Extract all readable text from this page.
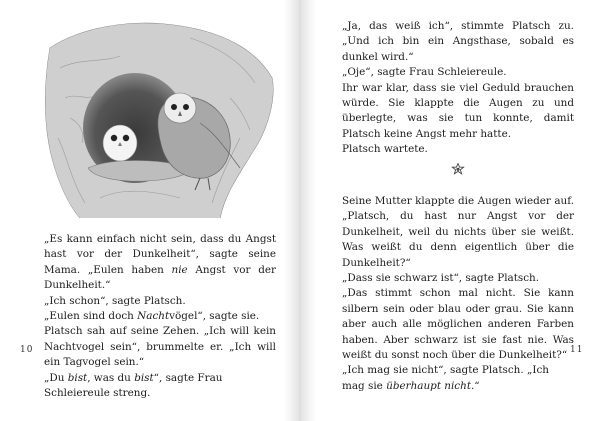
„Es kann einfach nicht sein, dass du Angst hast vor der Dunkelheit“, sagte seine Mama. „Eulen haben nie Angst vor der Dunkelheit.“

„Ich schon“, sagte Platsch.

„Eulen sind doch Nachtvögel“, sagte sie.

Platsch sah auf seine Zehen. „Ich will kein Nachtvogel sein“, brummelte er. „Ich will ein Tagvogel sein.“

„Du bist, was du bist“, sagte Frau Schleiereule streng.

10

„Ja, das weiß ich“, stimmte Platsch zu. „Und ich bin ein Angsthase, sobald es dunkel wird.“

„Oje“, sagte Frau Schleiereule.

Ihr war klar, dass sie viel Geduld brauchen würde. Sie klappte die Augen zu und überlegte, was sie tun konnte, damit Platsch keine Angst mehr hatte.

Platsch wartete.

Seine Mutter klappte die Augen wieder auf. „Platsch, du hast nur Angst vor der Dunkelheit, weil du nichts über sie weißt. Was weißt du denn eigentlich über die Dunkelheit?“

„Dass sie schwarz ist“, sagte Platsch.

„Das stimmt schon mal nicht. Sie kann silbern sein oder blau oder grau. Sie kann aber auch alle möglichen anderen Farben haben. Aber schwarz ist sie fast nie. Was weißt du sonst noch über die Dunkelheit?“

„Ich mag sie nicht“, sagte Platsch. „Ich mag sie überhaupt nicht.“

11
